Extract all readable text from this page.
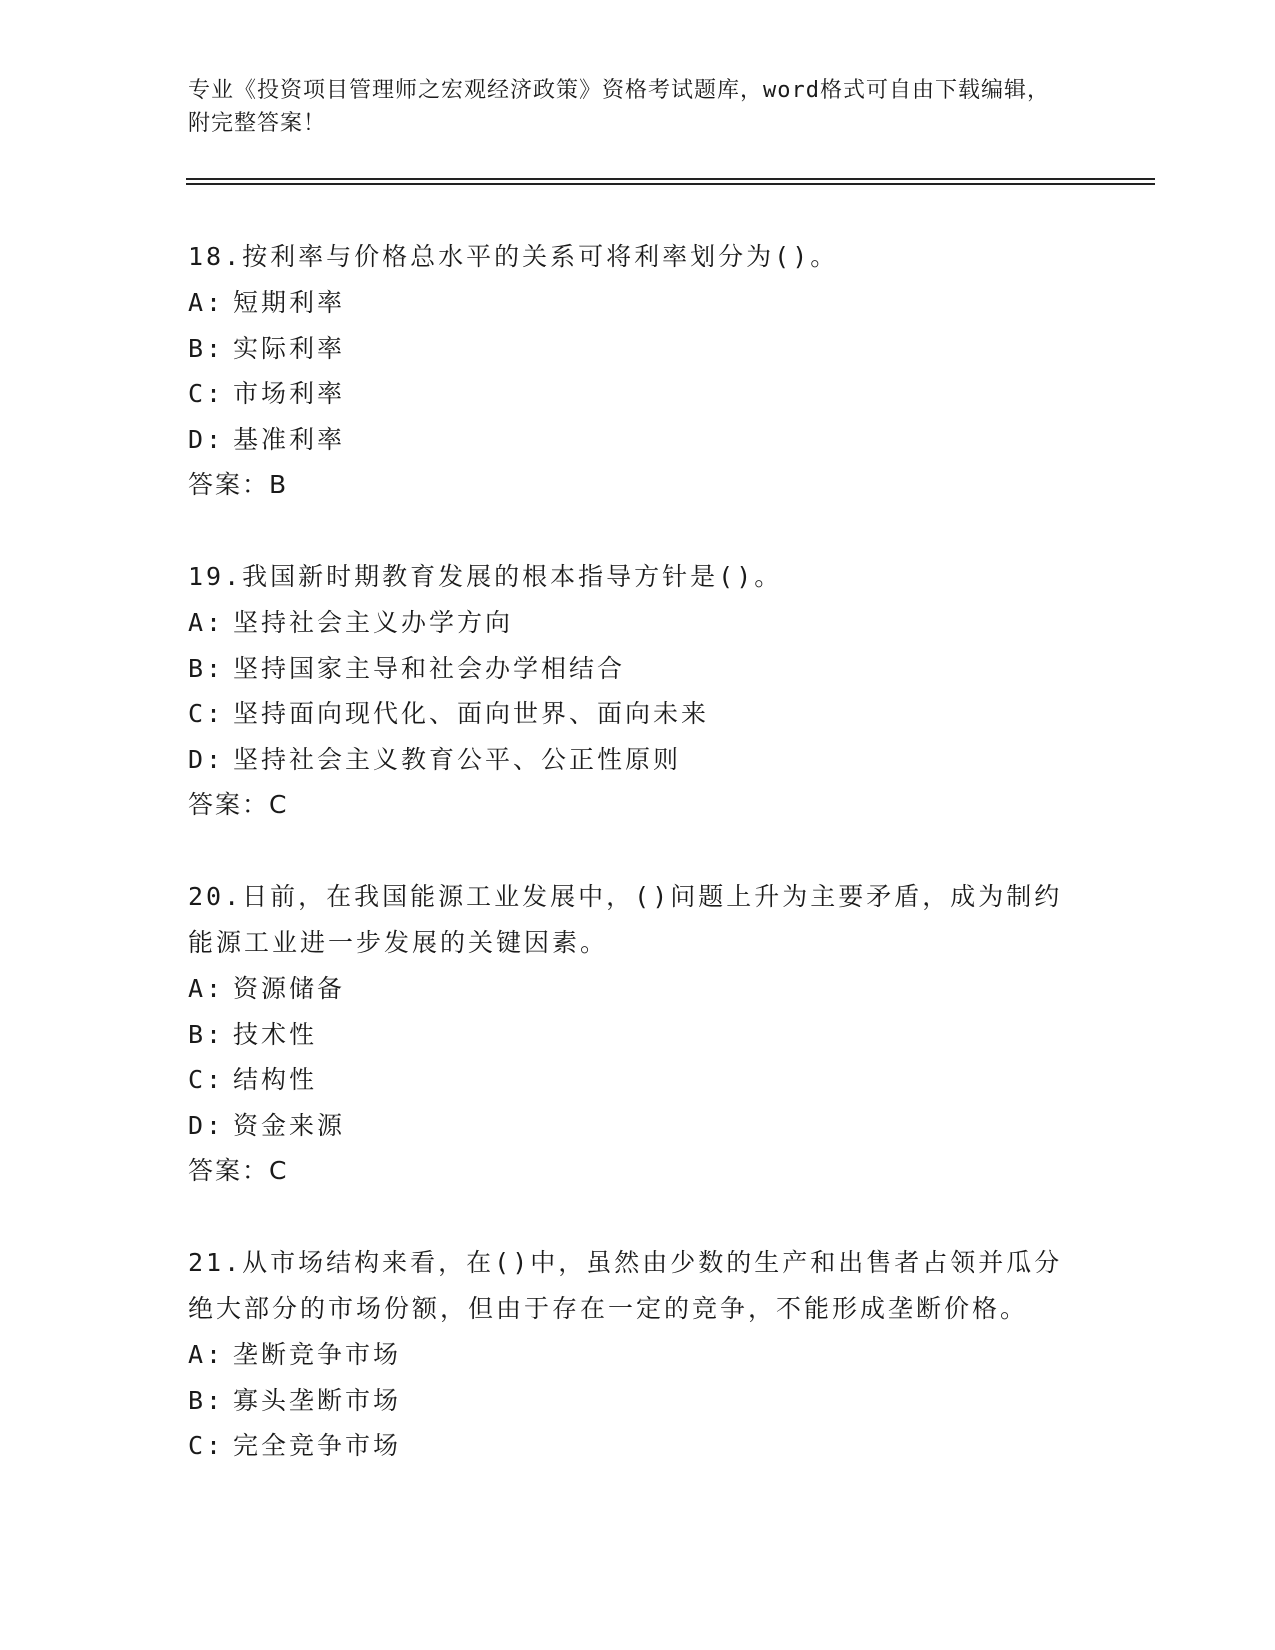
专业《投资项目管理师之宏观经济政策》资格考试题库，word格式可自由下载编辑，附完整答案！
18.按利率与价格总水平的关系可将利率划分为()。
A: 短期利率
B: 实际利率
C: 市场利率
D: 基准利率
答案：B
19.我国新时期教育发展的根本指导方针是()。
A: 坚持社会主义办学方向
B: 坚持国家主导和社会办学相结合
C: 坚持面向现代化、面向世界、面向未来
D: 坚持社会主义教育公平、公正性原则
答案：C
20.日前，在我国能源工业发展中，()问题上升为主要矛盾，成为制约能源工业进一步发展的关键因素。
A: 资源储备
B: 技术性
C: 结构性
D: 资金来源
答案：C
21.从市场结构来看，在()中，虽然由少数的生产和出售者占领并瓜分绝大部分的市场份额，但由于存在一定的竞争，不能形成垄断价格。
A: 垄断竞争市场
B: 寡头垄断市场
C: 完全竞争市场
